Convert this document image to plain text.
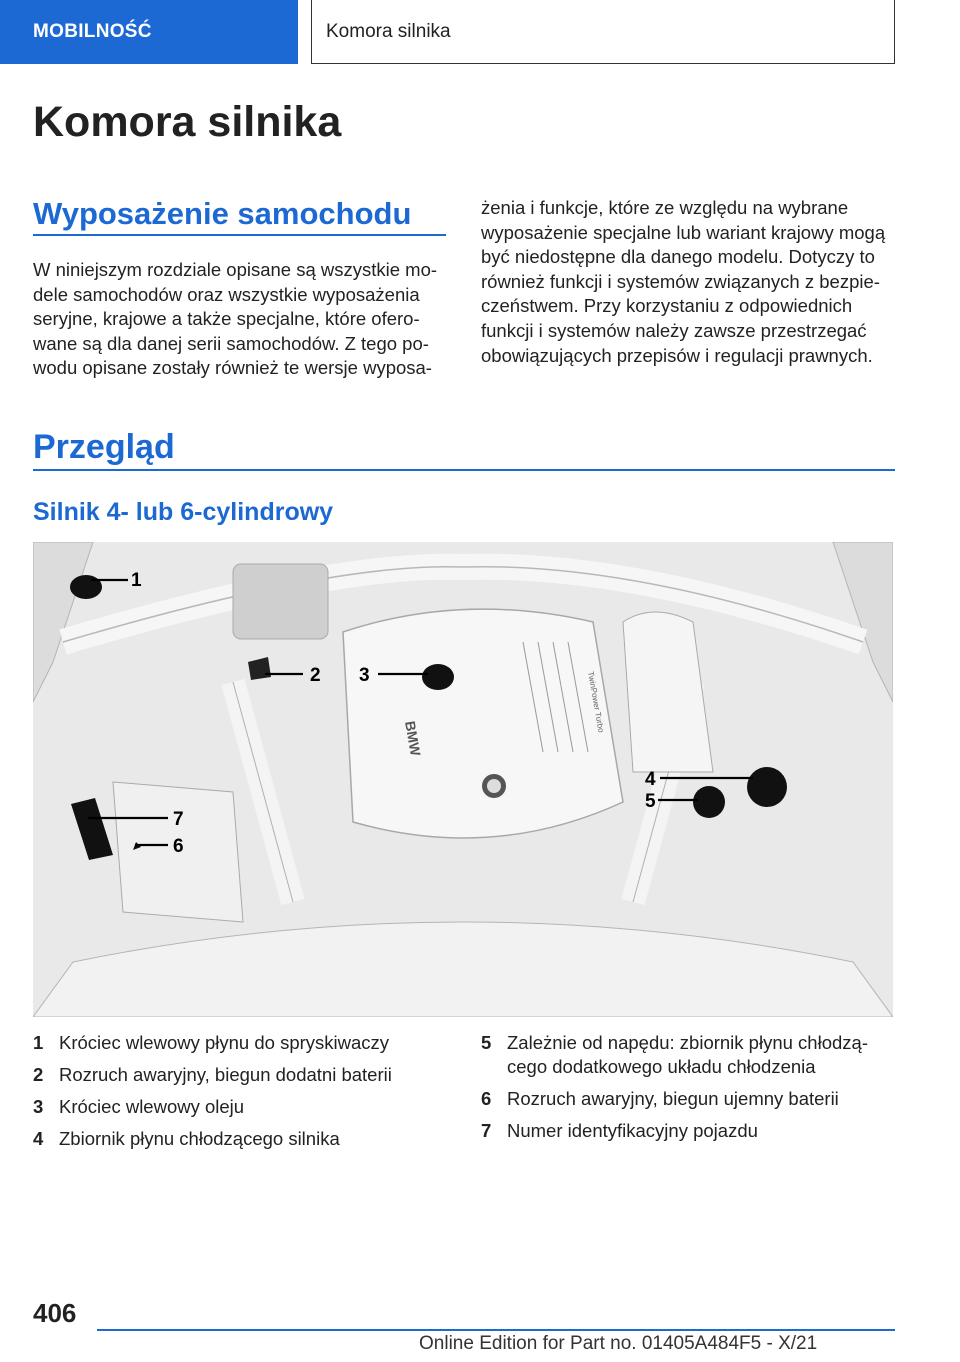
MOBILNOŚĆ	Komora silnika
Komora silnika
Wyposażenie samochodu
W niniejszym rozdziale opisane są wszystkie mo‐
dele samochodów oraz wszystkie wyposażenia
seryjne, krajowe a także specjalne, które ofero‐
wane są dla danej serii samochodów. Z tego po‐
wodu opisane zostały również te wersje wyposa‐
żenia i funkcje, które ze względu na wybrane
wyposażenie specjalne lub wariant krajowy mogą
być niedostępne dla danego modelu. Dotyczy to
również funkcji i systemów związanych z bezpie‐
czeństwem. Przy korzystaniu z odpowiednich
funkcji i systemów należy zawsze przestrzegać
obowiązujących przepisów i regulacji prawnych.
Przegląd
Silnik 4- lub 6-cylindrowy
BMW
TwinPower Turbo
1
2 3
4
5
6
7
1 Króciec wlewowy płynu do spryskiwaczy
2 Rozruch awaryjny, biegun dodatni baterii
3 Króciec wlewowy oleju
4 Zbiornik płynu chłodzącego silnika
5 Zależnie od napędu: zbiornik płynu chłodzą‐
cego dodatkowego układu chłodzenia
6 Rozruch awaryjny, biegun ujemny baterii
7 Numer identyfikacyjny pojazdu
406
Online Edition for Part no. 01405A484F5 - X/21
